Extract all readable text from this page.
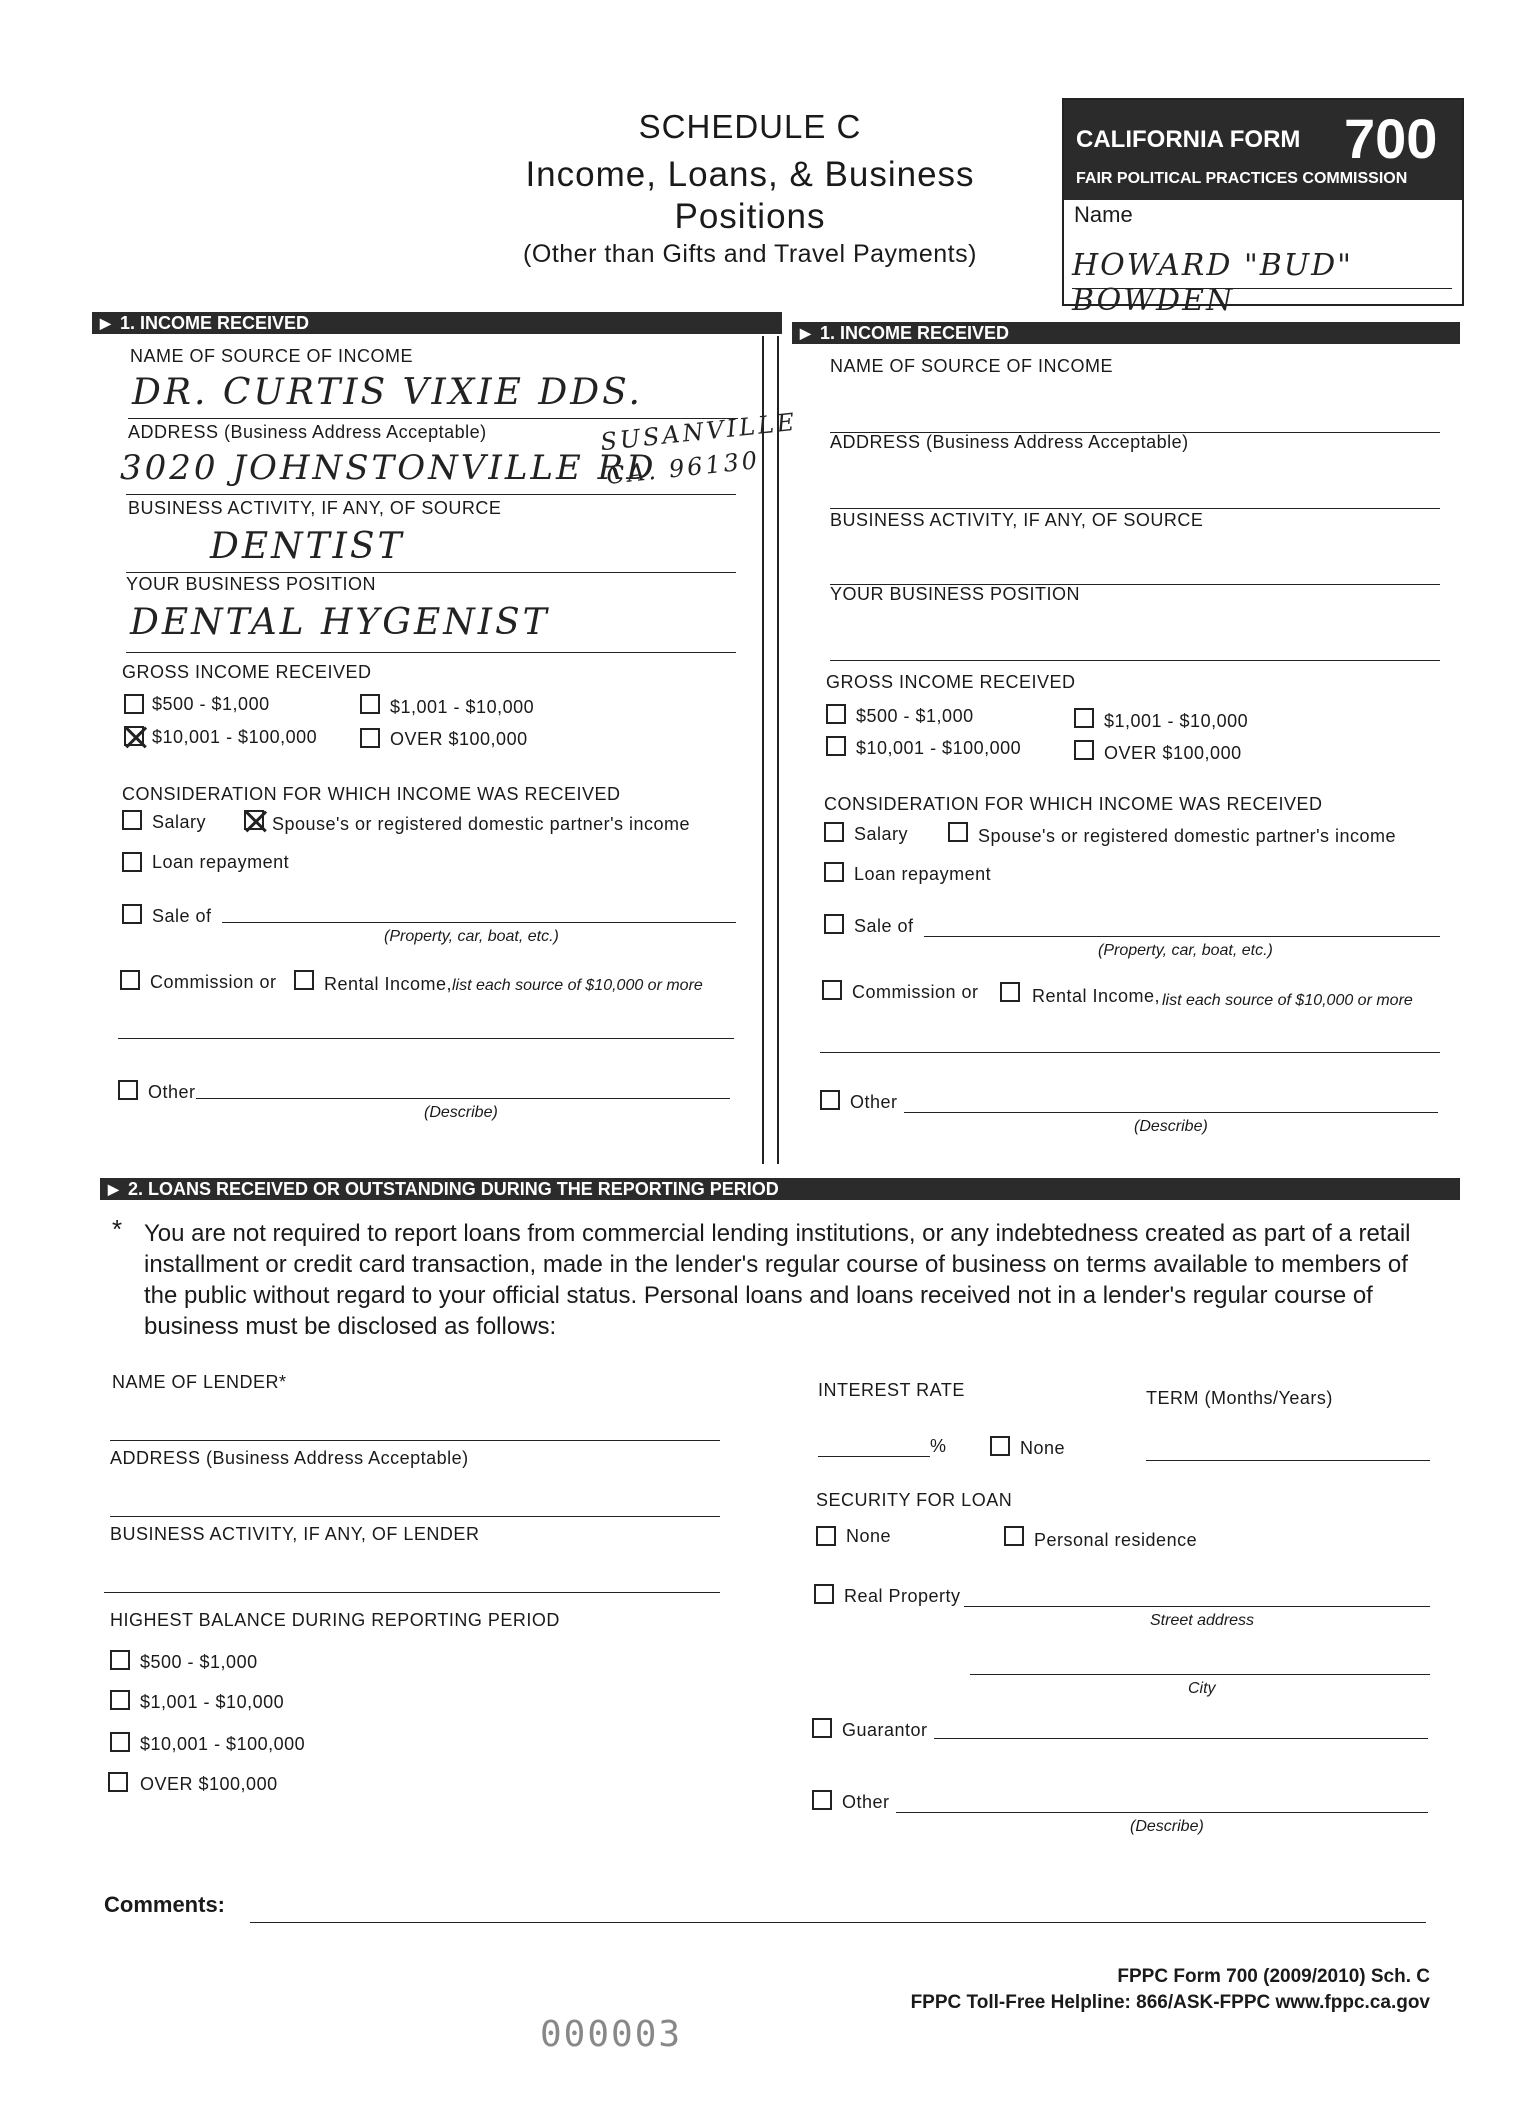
SCHEDULE C
Income, Loans, & Business
Positions
(Other than Gifts and Travel Payments)
CALIFORNIA FORM 700
FAIR POLITICAL PRACTICES COMMISSION
Name
HOWARD "BUD" BOWDEN
▶ 1. INCOME RECEIVED	▶ 1. INCOME RECEIVED
NAME OF SOURCE OF INCOME
DR. CURTIS VIXIE DDS.
ADDRESS (Business Address Acceptable)	SUSANVILLE
3020 JOHNSTONVILLE RD
CA. 96130
BUSINESS ACTIVITY, IF ANY, OF SOURCE
DENTIST
YOUR BUSINESS POSITION
DENTAL HYGENIST
GROSS INCOME RECEIVED
$500 - $1,000	$1,001 - $10,000
$10,001 - $100,000	OVER $100,000
CONSIDERATION FOR WHICH INCOME WAS RECEIVED
Salary	Spouse's or registered domestic partner's income
Loan repayment
Sale of
(Property, car, boat, etc.)
Commission or	Rental Income, list each source of $10,000 or more
Other
(Describe)
NAME OF SOURCE OF INCOME
ADDRESS (Business Address Acceptable)
BUSINESS ACTIVITY, IF ANY, OF SOURCE
YOUR BUSINESS POSITION
GROSS INCOME RECEIVED
$500 - $1,000	$1,001 - $10,000
$10,001 - $100,000	OVER $100,000
CONSIDERATION FOR WHICH INCOME WAS RECEIVED
Salary	Spouse's or registered domestic partner's income
Loan repayment
Sale of
(Property, car, boat, etc.)
Commission or	Rental Income, list each source of $10,000 or more
Other
(Describe)
▶ 2. LOANS RECEIVED OR OUTSTANDING DURING THE REPORTING PERIOD
* You are not required to report loans from commercial lending institutions, or any indebtedness created as part of a retail installment or credit card transaction, made in the lender's regular course of business on terms available to members of the public without regard to your official status. Personal loans and loans received not in a lender's regular course of business must be disclosed as follows:
NAME OF LENDER*
ADDRESS (Business Address Acceptable)
BUSINESS ACTIVITY, IF ANY, OF LENDER
HIGHEST BALANCE DURING REPORTING PERIOD
$500 - $1,000
$1,001 - $10,000
$10,001 - $100,000
OVER $100,000
INTEREST RATE
%	None
TERM (Months/Years)
SECURITY FOR LOAN
None	Personal residence
Real Property
Street address
City
Guarantor
Other
(Describe)
Comments:
FPPC Form 700 (2009/2010) Sch. C
FPPC Toll-Free Helpline: 866/ASK-FPPC www.fppc.ca.gov
000003
